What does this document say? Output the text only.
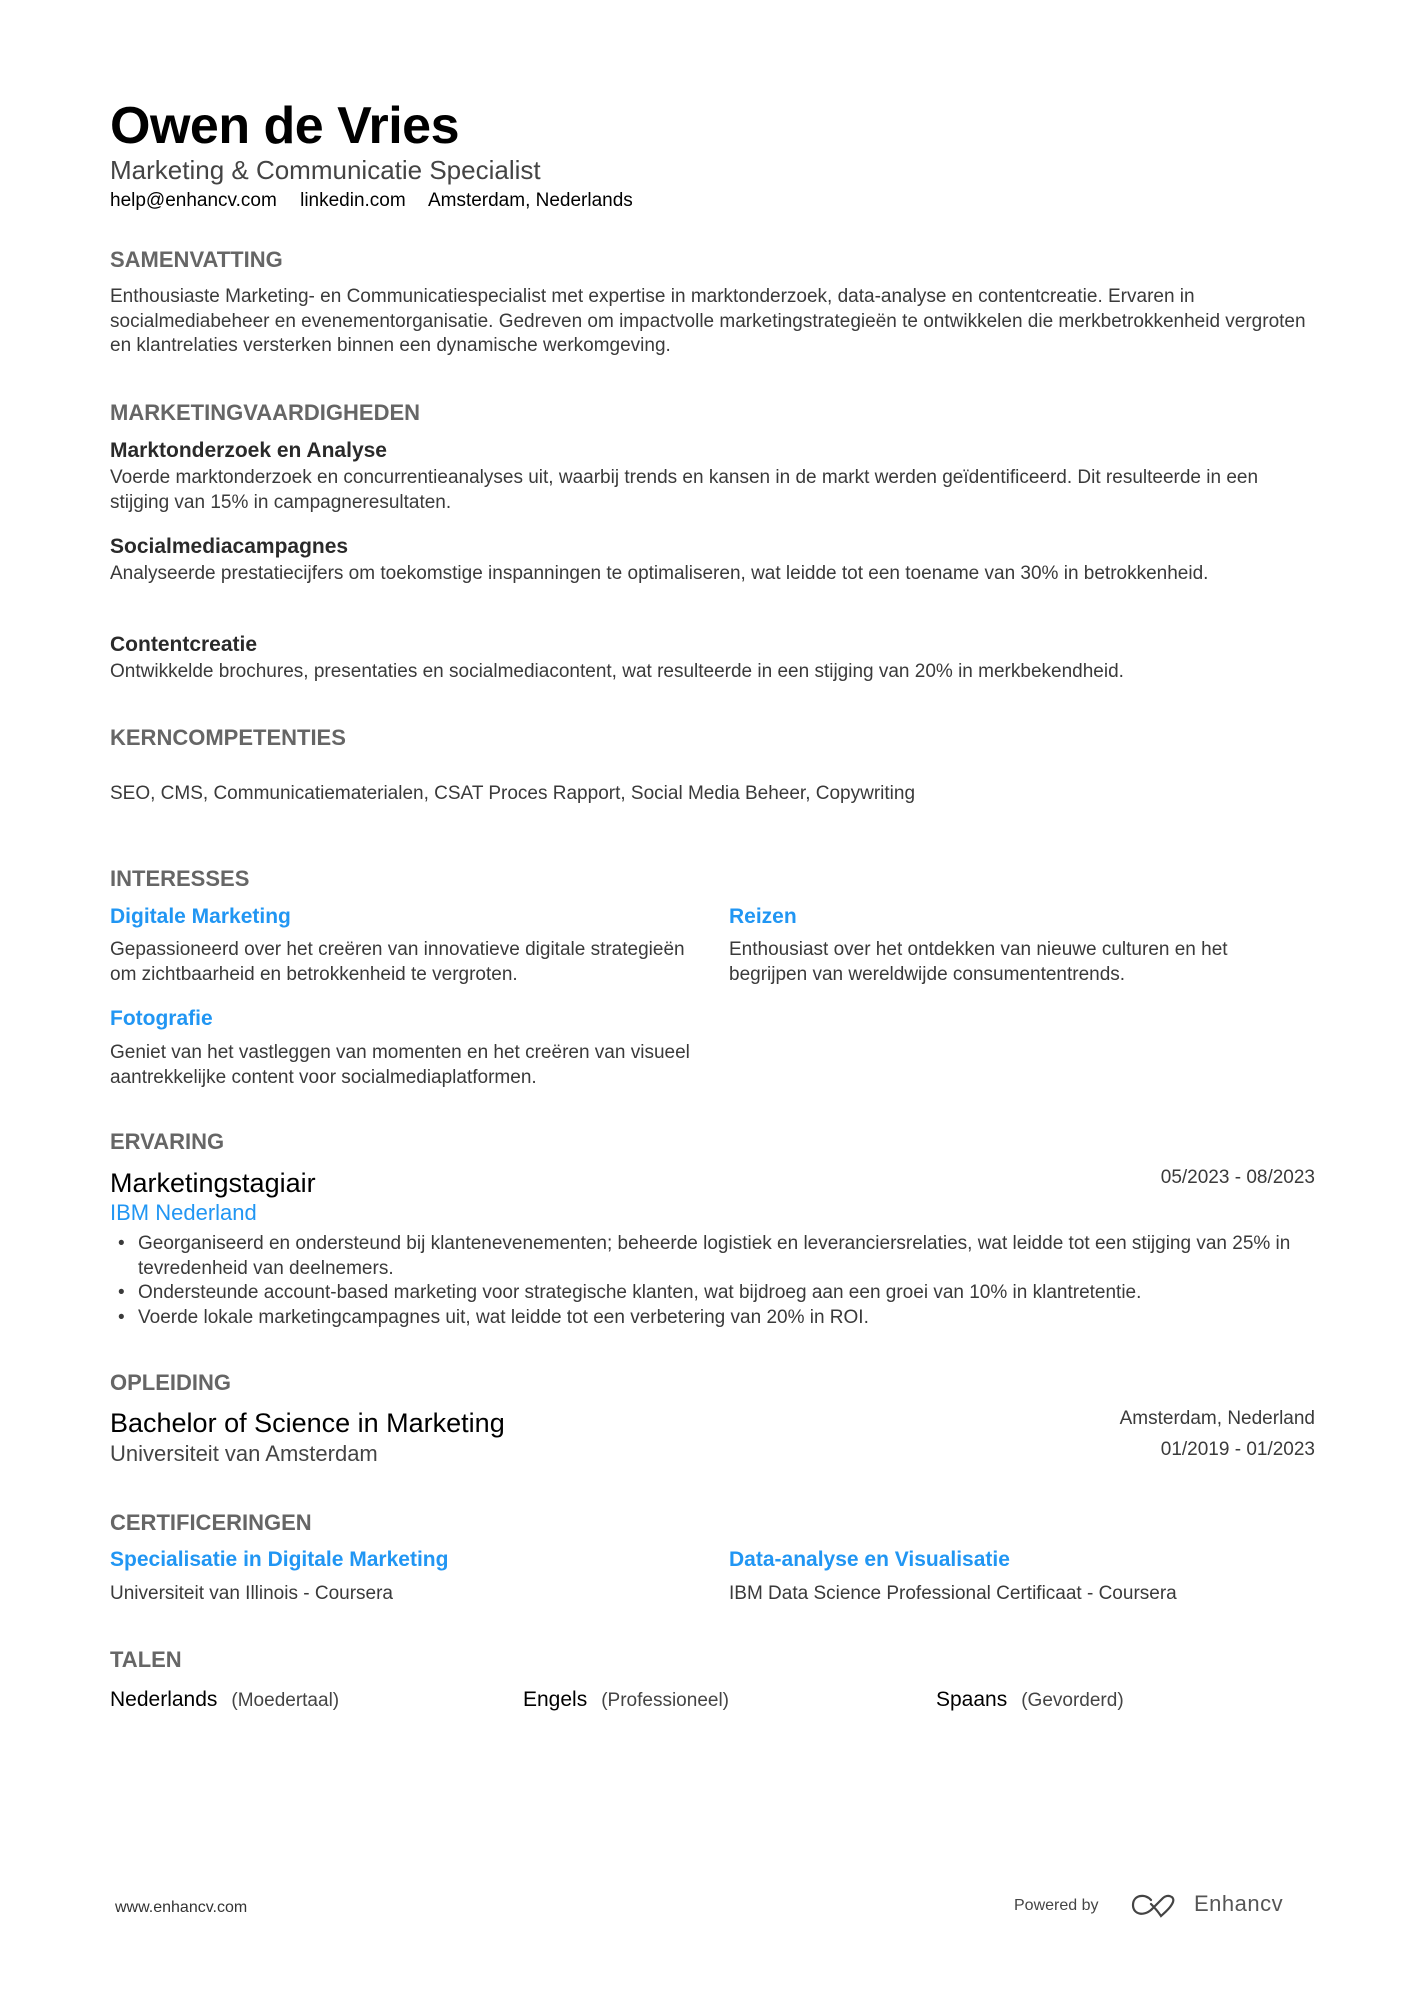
Owen de Vries
Marketing & Communicatie Specialist
help@enhancv.com linkedin.com Amsterdam, Nederlands
SAMENVATTING
Enthousiaste Marketing- en Communicatiespecialist met expertise in marktonderzoek, data-analyse en contentcreatie. Ervaren in socialmediabeheer en evenementorganisatie. Gedreven om impactvolle marketingstrategieën te ontwikkelen die merkbetrokkenheid vergroten en klantrelaties versterken binnen een dynamische werkomgeving.
MARKETINGVAARDIGHEDEN
Marktonderzoek en Analyse
Voerde marktonderzoek en concurrentieanalyses uit, waarbij trends en kansen in de markt werden geïdentificeerd. Dit resulteerde in een stijging van 15% in campagneresultaten.
Socialmediacampagnes
Analyseerde prestatiecijfers om toekomstige inspanningen te optimaliseren, wat leidde tot een toename van 30% in betrokkenheid.
Contentcreatie
Ontwikkelde brochures, presentaties en socialmediacontent, wat resulteerde in een stijging van 20% in merkbekendheid.
KERNCOMPETENTIES
SEO, CMS, Communicatiematerialen, CSAT Proces Rapport, Social Media Beheer, Copywriting
INTERESSES
Digitale Marketing
Gepassioneerd over het creëren van innovatieve digitale strategieën om zichtbaarheid en betrokkenheid te vergroten.
Reizen
Enthousiast over het ontdekken van nieuwe culturen en het begrijpen van wereldwijde consumententrends.
Fotografie
Geniet van het vastleggen van momenten en het creëren van visueel aantrekkelijke content voor socialmediaplatformen.
ERVARING
Marketingstagiair	05/2023 - 08/2023
IBM Nederland
• Georganiseerd en ondersteund bij klantenevenementen; beheerde logistiek en leveranciersrelaties, wat leidde tot een stijging van 25% in tevredenheid van deelnemers.
• Ondersteunde account-based marketing voor strategische klanten, wat bijdroeg aan een groei van 10% in klantretentie.
• Voerde lokale marketingcampagnes uit, wat leidde tot een verbetering van 20% in ROI.
OPLEIDING
Bachelor of Science in Marketing
Universiteit van Amsterdam
Amsterdam, Nederland
01/2019 - 01/2023
CERTIFICERINGEN
Specialisatie in Digitale Marketing
Universiteit van Illinois - Coursera
Data-analyse en Visualisatie
IBM Data Science Professional Certificaat - Coursera
TALEN
Nederlands (Moedertaal)	Engels (Professioneel)	Spaans (Gevorderd)
www.enhancv.com	Powered by	Enhancv
